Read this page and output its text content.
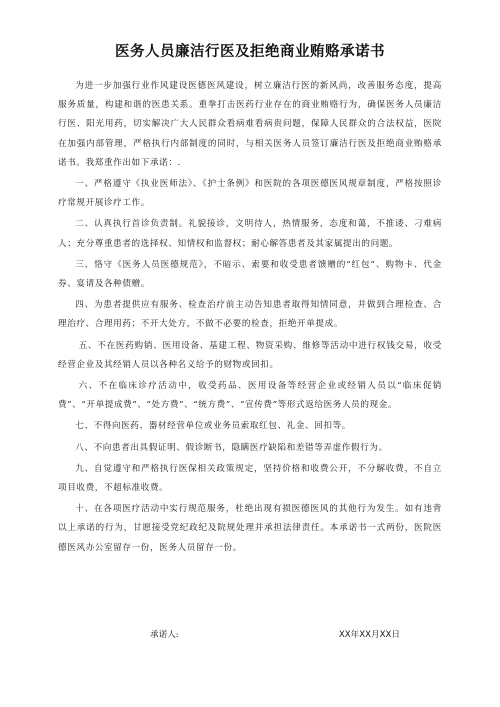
医务人员廉洁行医及拒绝商业贿赂承诺书

为进一步加强行业作风建设医德医风建设，树立廉洁行医的新风尚，改善服务态度，提高服务质量，构建和谐的医患关系。重拳打击医药行业存在的商业贿赂行为，确保医务人员廉洁行医、阳光用药，切实解决广大人民群众看病难看病贵问题，保障人民群众的合法权益，医院在加强内部管理，严格执行内部制度的同时，与相关医务人员签订廉洁行医及拒绝商业贿赂承诺书。我郑重作出如下承诺：.

一、严格遵守《执业医师法》、《护士条例》和医院的各项医德医风规章制度，严格按照诊疗常规开展诊疗工作。

二、认真执行首诊负责制。礼貌接诊，文明待人，热情服务，态度和蔼，不推诿、刁难病人；充分尊重患者的选择权、知情权和监督权；耐心解答患者及其家属提出的问题。

三、恪守《医务人员医德规范》，不暗示、索要和收受患者馈赠的“红包”、购物卡、代金券、宴请及各种债赠。

四、为患者提供应有服务、检查治疗前主动告知患者取得知情同意，并做到合理检查、合理治疗、合理用药；不开大处方，不做不必要的检查，拒绝开单提成。

五、不在医药购销、医用设备、基建工程、物资采购、维修等活动中进行权钱交易，收受经营企业及其经销人员以各种名义给予的财物或回扣。

六、不在临床诊疗活动中，收受药品、医用设备等经营企业或经销人员以“临床促销费”、“开单提成费”、“处方费”、“统方费”、“宣传费”等形式返给医务人员的现金。

七、不得向医药、器材经营单位或业务员索取红包、礼金、回扣等。

八、不向患者出具假证明、假诊断书，隐瞒医疗缺陷和差错等弄虚作假行为。

九、自觉遵守和严格执行医保相关政策规定，坚持价格和收费公开，不分解收费，不自立项目收费，不超标准收费。

十、在各项医疗活动中实行规范服务，杜绝出现有损医德医风的其他行为发生。如有违背以上承诺的行为，甘愿接受党纪政纪及院规处理并承担法律责任。本承诺书一式两份，医院医德医风办公室留存一份，医务人员留存一份。

承诺人:	XX年XX月XX日
